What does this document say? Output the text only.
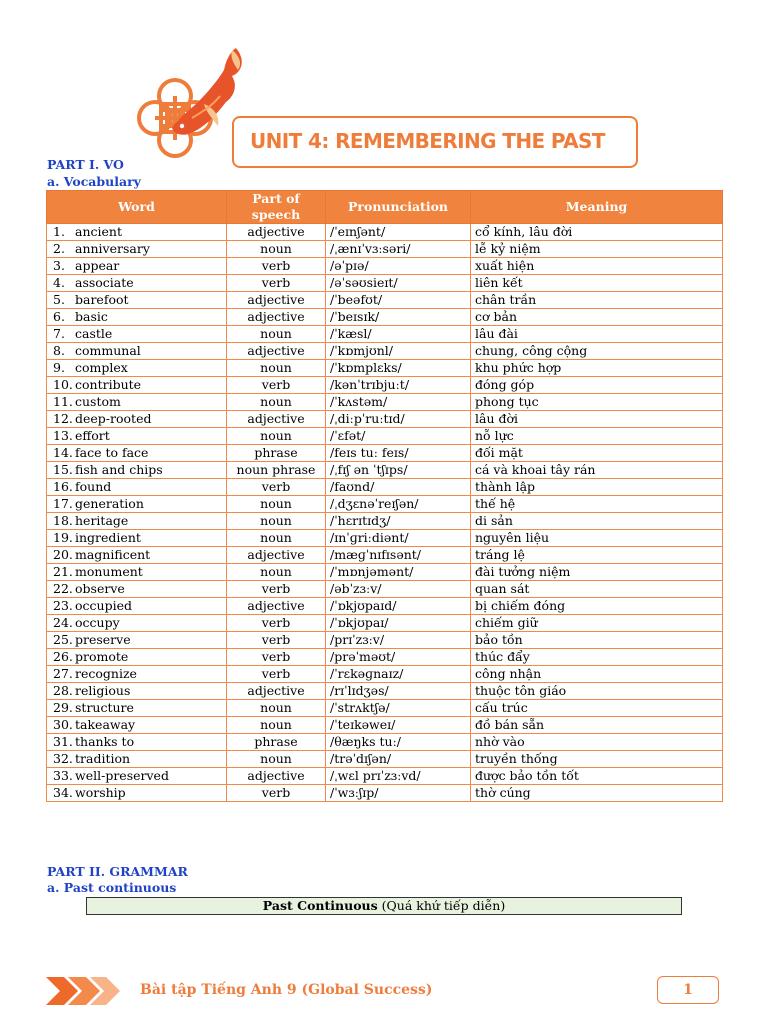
UNIT 4: REMEMBERING THE PAST
PART I. VO
a. Vocabulary
Word	Part of speech	Pronunciation	Meaning
1. ancient	adjective	/ˈeɪnʃənt/	cổ kính, lâu đời
2. anniversary	noun	/ˌænɪˈvɜːsəri/	lễ kỷ niệm
3. appear	verb	/əˈpɪə/	xuất hiện
4. associate	verb	/əˈsəʊsieɪt/	liên kết
5. barefoot	adjective	/ˈbeəfʊt/	chân trần
6. basic	adjective	/ˈbeɪsɪk/	cơ bản
7. castle	noun	/ˈkæsl/	lâu đài
8. communal	adjective	/ˈkɒmjʊnl/	chung, công cộng
9. complex	noun	/ˈkɒmplɛks/	khu phức hợp
10. contribute	verb	/kənˈtrɪbjuːt/	đóng góp
11. custom	noun	/ˈkʌstəm/	phong tục
12. deep-rooted	adjective	/ˌdiːpˈruːtɪd/	lâu đời
13. effort	noun	/ˈɛfət/	nỗ lực
14. face to face	phrase	/feɪs tuː feɪs/	đối mặt
15. fish and chips	noun phrase	/ˌfɪʃ ən ˈtʃɪps/	cá và khoai tây rán
16. found	verb	/faʊnd/	thành lập
17. generation	noun	/ˌdʒɛnəˈreɪʃən/	thế hệ
18. heritage	noun	/ˈhɛrɪtɪdʒ/	di sản
19. ingredient	noun	/ɪnˈɡriːdiənt/	nguyên liệu
20. magnificent	adjective	/mæɡˈnɪfɪsənt/	tráng lệ
21. monument	noun	/ˈmɒnjəmənt/	đài tưởng niệm
22. observe	verb	/əbˈzɜːv/	quan sát
23. occupied	adjective	/ˈɒkjʊpaɪd/	bị chiếm đóng
24. occupy	verb	/ˈɒkjʊpaɪ/	chiếm giữ
25. preserve	verb	/prɪˈzɜːv/	bảo tồn
26. promote	verb	/prəˈməʊt/	thúc đẩy
27. recognize	verb	/ˈrɛkəɡnaɪz/	công nhận
28. religious	adjective	/rɪˈlɪdʒəs/	thuộc tôn giáo
29. structure	noun	/ˈstrʌktʃə/	cấu trúc
30. takeaway	noun	/ˈteɪkəweɪ/	đồ bán sẵn
31. thanks to	phrase	/θæŋks tuː/	nhờ vào
32. tradition	noun	/trəˈdɪʃən/	truyền thống
33. well-preserved	adjective	/ˌwɛl prɪˈzɜːvd/	được bảo tồn tốt
34. worship	verb	/ˈwɜːʃɪp/	thờ cúng
PART II. GRAMMAR
a. Past continuous
Past Continuous (Quá khứ tiếp diễn)
Bài tập Tiếng Anh 9 (Global Success)	1
